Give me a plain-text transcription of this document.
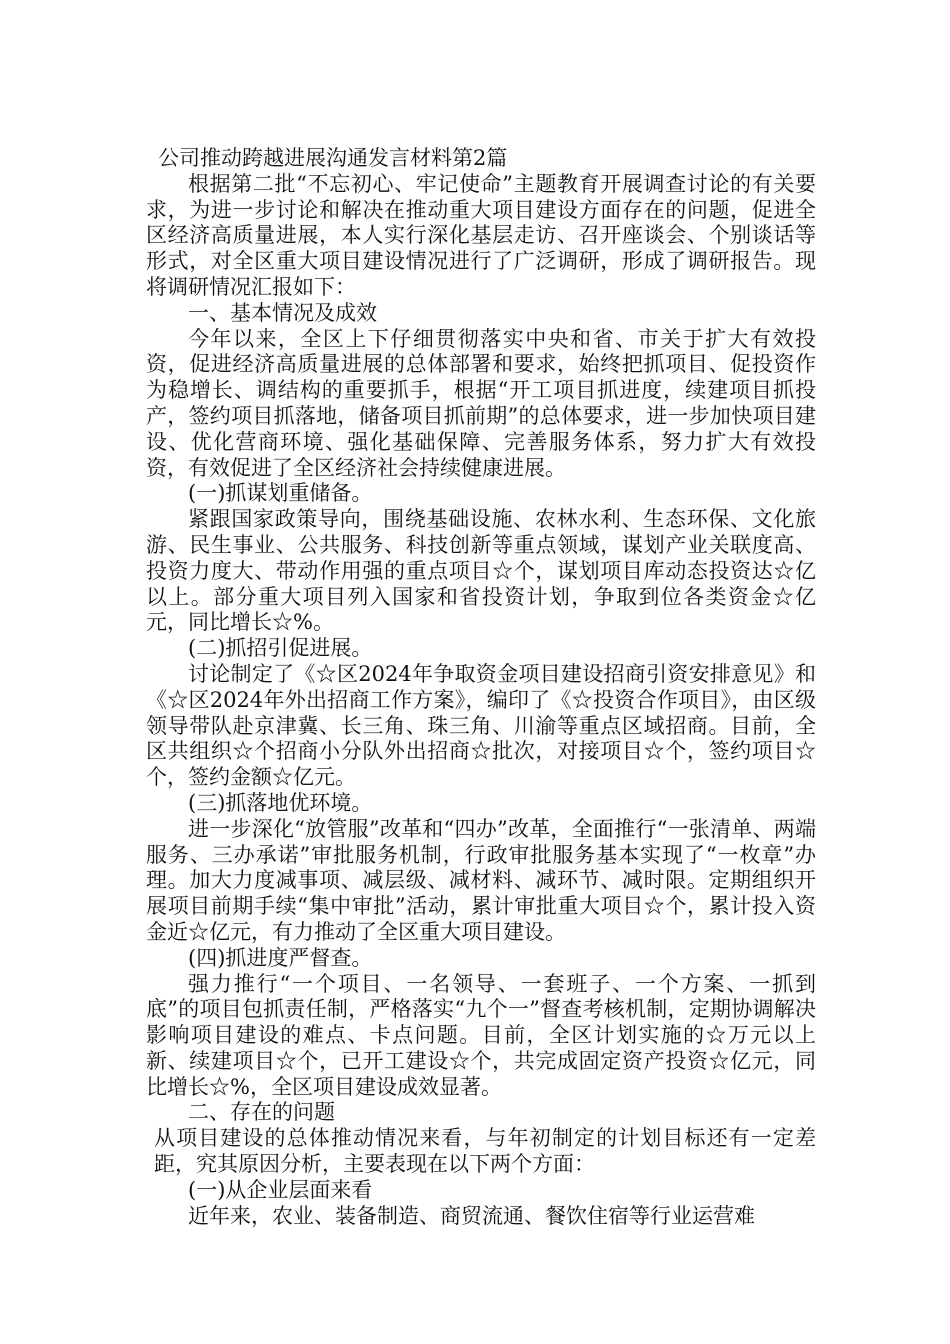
公司推动跨越进展沟通发言材料第2篇

根据第二批“不忘初心、牢记使命”主题教育开展调查讨论的有关要求，为进一步讨论和解决在推动重大项目建设方面存在的问题，促进全区经济高质量进展，本人实行深化基层走访、召开座谈会、个别谈话等形式，对全区重大项目建设情况进行了广泛调研，形成了调研报告。现将调研情况汇报如下：

一、基本情况及成效

今年以来，全区上下仔细贯彻落实中央和省、市关于扩大有效投资，促进经济高质量进展的总体部署和要求，始终把抓项目、促投资作为稳增长、调结构的重要抓手，根据“开工项目抓进度，续建项目抓投产，签约项目抓落地，储备项目抓前期”的总体要求，进一步加快项目建设、优化营商环境、强化基础保障、完善服务体系，努力扩大有效投资，有效促进了全区经济社会持续健康进展。

(一)抓谋划重储备。

紧跟国家政策导向，围绕基础设施、农林水利、生态环保、文化旅游、民生事业、公共服务、科技创新等重点领域，谋划产业关联度高、投资力度大、带动作用强的重点项目☆个，谋划项目库动态投资达☆亿以上。部分重大项目列入国家和省投资计划，争取到位各类资金☆亿元，同比增长☆%。

(二)抓招引促进展。

讨论制定了《☆区2024年争取资金项目建设招商引资安排意见》和《☆区2024年外出招商工作方案》，编印了《☆投资合作项目》，由区级领导带队赴京津冀、长三角、珠三角、川渝等重点区域招商。目前，全区共组织☆个招商小分队外出招商☆批次，对接项目☆个，签约项目☆个，签约金额☆亿元。

(三)抓落地优环境。

进一步深化“放管服”改革和“四办”改革，全面推行“一张清单、两端服务、三办承诺”审批服务机制，行政审批服务基本实现了“一枚章”办理。加大力度减事项、减层级、减材料、减环节、减时限。定期组织开展项目前期手续“集中审批”活动，累计审批重大项目☆个，累计投入资金近☆亿元，有力推动了全区重大项目建设。

(四)抓进度严督查。

强力推行“一个项目、一名领导、一套班子、一个方案、一抓到底”的项目包抓责任制，严格落实“九个一”督查考核机制，定期协调解决影响项目建设的难点、卡点问题。目前，全区计划实施的☆万元以上新、续建项目☆个，已开工建设☆个，共完成固定资产投资☆亿元，同比增长☆%，全区项目建设成效显著。

二、存在的问题

从项目建设的总体推动情况来看，与年初制定的计划目标还有一定差距，究其原因分析，主要表现在以下两个方面：

(一)从企业层面来看

近年来，农业、装备制造、商贸流通、餐饮住宿等行业运营难
